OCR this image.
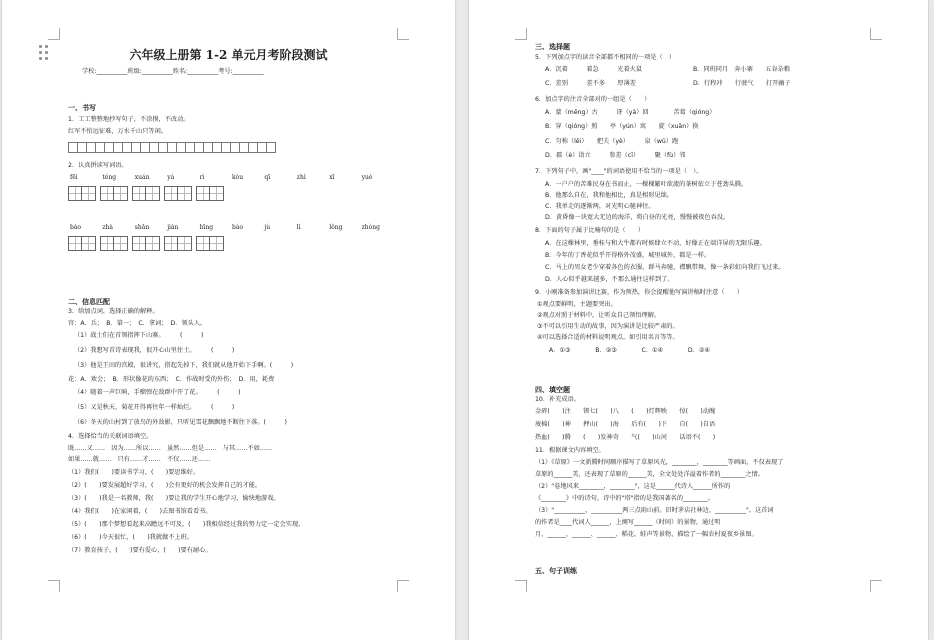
六年级上册第 1-2 单元月考阶段测试
学校:__________班级:__________姓名:__________考号:__________
一、书写
1．工工整整地抄写句子，不涂摸，不改动。
红军不怕远征难，万水千山只等闲。
2．认真拼读写词语。
fēi	téng	xuán	yá	rì	kòu	qī	zhì	xī	yuè
bào	zhà	shǎn	jiàn	bīng	báo	jù	lì	lǒng	zhòng
二、信息匹配
3．给加点词，选择正确的解释。
官：A．兵；　B．第一；　C．拿词；　D．领头人。
（1）战士们在首领指挥下山寨。　　　(　　　)
（2）我想写首诗表现我，很开心山里住士。　　　(　　　)
（3）他是王田的宫殿，很讲究，搭起先掉下，我们就从他开始下手啊。(　　　)
花：A．欢会；　B．形状像花的东西；　C．作战时受的外伤；　D．用，耗费
（4）随着一声巨响，手榴弹在敌群中开了花。　　　(　　　)
（5）又是秋天，菊花开得再往年一样灿烂。　　　(　　　)
（6）冬天的山村到了放鸟的外敌影，只听见雪花飘飘地不断往下落。(　　　)
4．选择恰当的关联词语填空。
既……又……　因为……所以……　虽然……但是……　与其……不如……
如果……就……　只有……才……　不仅……还……
（1）我们(　　)要读书学习，(　　)要思维好。
（2）(　　)要发展超好学习，(　　)会有更好的机会发挥自己的才能。
（3）(　　)我是一名教师，我(　　)要让我的学生开心地学习，愉快地游戏。
（4）我们(　　)在家闲着，(　　)去图书馆看看书。
（5）(　　)那个梦想看起来高瞻远不可及，(　　)我相信经过我的努力定一定会实现。
（6）(　　)今天很忙，(　　)我就做不上班。
（7）教育孩子，(　　)要有爱心，(　　)要有耐心。
三、选择题
5．下列加点字的读音全部都不相同的一项是（　）
A．沉着　　　着急　　　光着火鼠	B．同班同月　奔小寨　　五谷杂粮
C．差别　　　差不多　　厚薄差	D．行程冲　　行驶气　　打开幽子
6．加点字的注音全部对的一组是（　　）
A．蒙（mēng）古　　　讶（yà）回　　　　苦葛（qióng）
B．穿（qióng）照　　亭（yún）寓　　旋（xuān）换
C．匀称（lěi）　　把夫（yè）　　　泉（wū）跑
D．郡（è）诣立　　　参差（cī）　　　聚（fù）邻
7．下列句子中，画"____"的词语使用不恰当的一项是（　）。
A．一户户的苦难民身在书而止，一棵棵繁叶欲流的茶树依立于苍劲头腾。
B．他那么自在，我和他相比，真是相形见绌。
C．我单走的逐渐两，对光明心驰神往。
D．黄昏像一块宽大无边的海洋，将白昼的光亮，慢慢被夜色吞没。
8．下面的句子属于比喻句的是（　　）
A．在这棵林里，垂桂与和大牛都有时候肆立不动，好像正在端详屏的无限乐趣。
B．今年的丁香花似乎开得格外茂盛，城里城外，都是一样。
C．马上的男女老少穿着各色的衣服，群马奔驰，襟飘带舞，像一条彩虹向我们飞过来。
D．人心似乎越来越多，不那么通往这样到了。
9．小刚准备参加演讲比赛，作为预热，你会提醒他写演讲稿时注意（　　）
①观点要鲜明，主题要突出。
②观点对照于材料中，让听众自己领悟理解。
③不可以引用生动的故事，因为演讲是比较严肃的。
④可以选择合适的材料说明观点，如引用名言等等。
A．①③　　　　B．②③　　　　C．①④　　　　D．②④
四、填空题
10．补充成语。
金碎(　　)注　　锲七(　　)八　　(　　)灯辉映　　惊(　　)动魄
废棉(　　)神　　押山(　　)海　　后有(　　)下　　自(　　)自语
热血(　　)腾　　(　　)发神奇　　气(　　)山河　　话语不(　　)
11．根据课文内容填空。
（1）《草原》一文新腾时间顺序描写了草原风光，________，________等画面，不仅表现了
草原的______美，还表现了草原的______美，全文处处洋溢着作者的________之情。
（2）"卷地风来________，________"，这是______代诗人______所作的
《________》中的诗句，诗中的"塔"指的是我国著名的________。
（3）"__________，__________两三点雨山前。旧时茅店社林边，__________"。这首词
的作者是____代词人______，上阕写______（时间）的景物，通过明
月、______、______、______、稻花、蛙声等景物，描绘了一幅农村夏夜乡景图。
五、句子训练
